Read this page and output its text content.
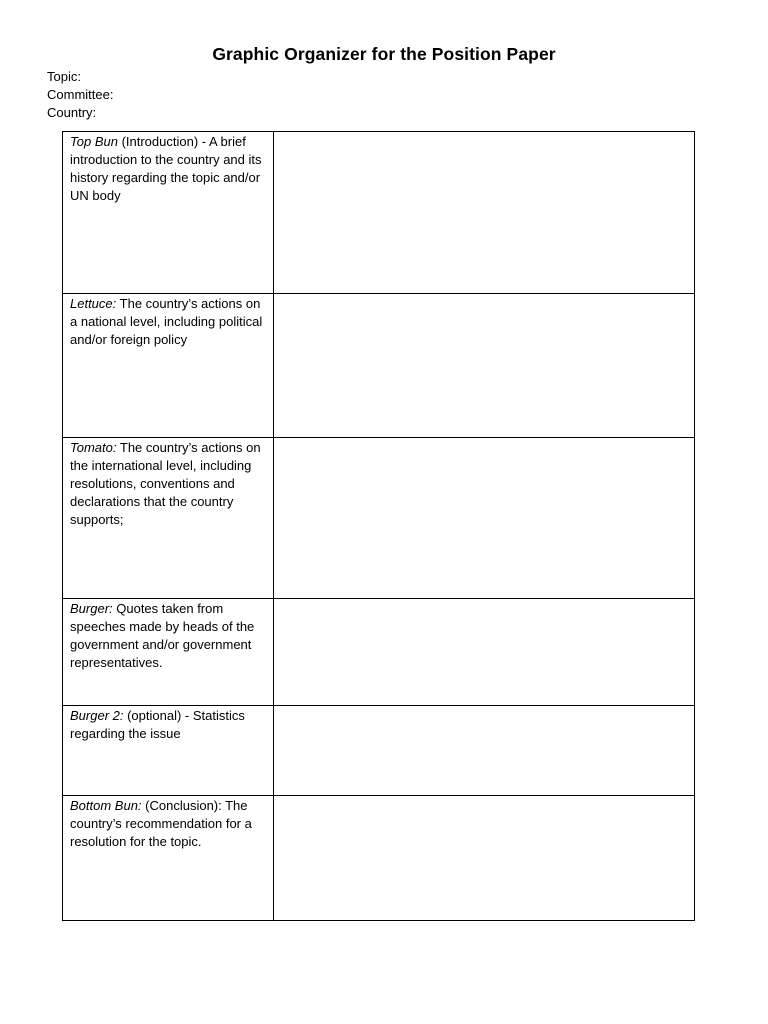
Graphic Organizer for the Position Paper
Topic:
Committee:
Country:
Top Bun (Introduction) - A brief introduction to the country and its history regarding the topic and/or UN body	

Lettuce: The country’s actions on a national level, including political and/or foreign policy	

Tomato: The country’s actions on the international level, including resolutions, conventions and declarations that the country supports;	

Burger: Quotes taken from speeches made by heads of the government and/or government representatives.	

Burger 2: (optional) - Statistics regarding the issue	

Bottom Bun: (Conclusion): The country’s recommendation for a resolution for the topic.	
